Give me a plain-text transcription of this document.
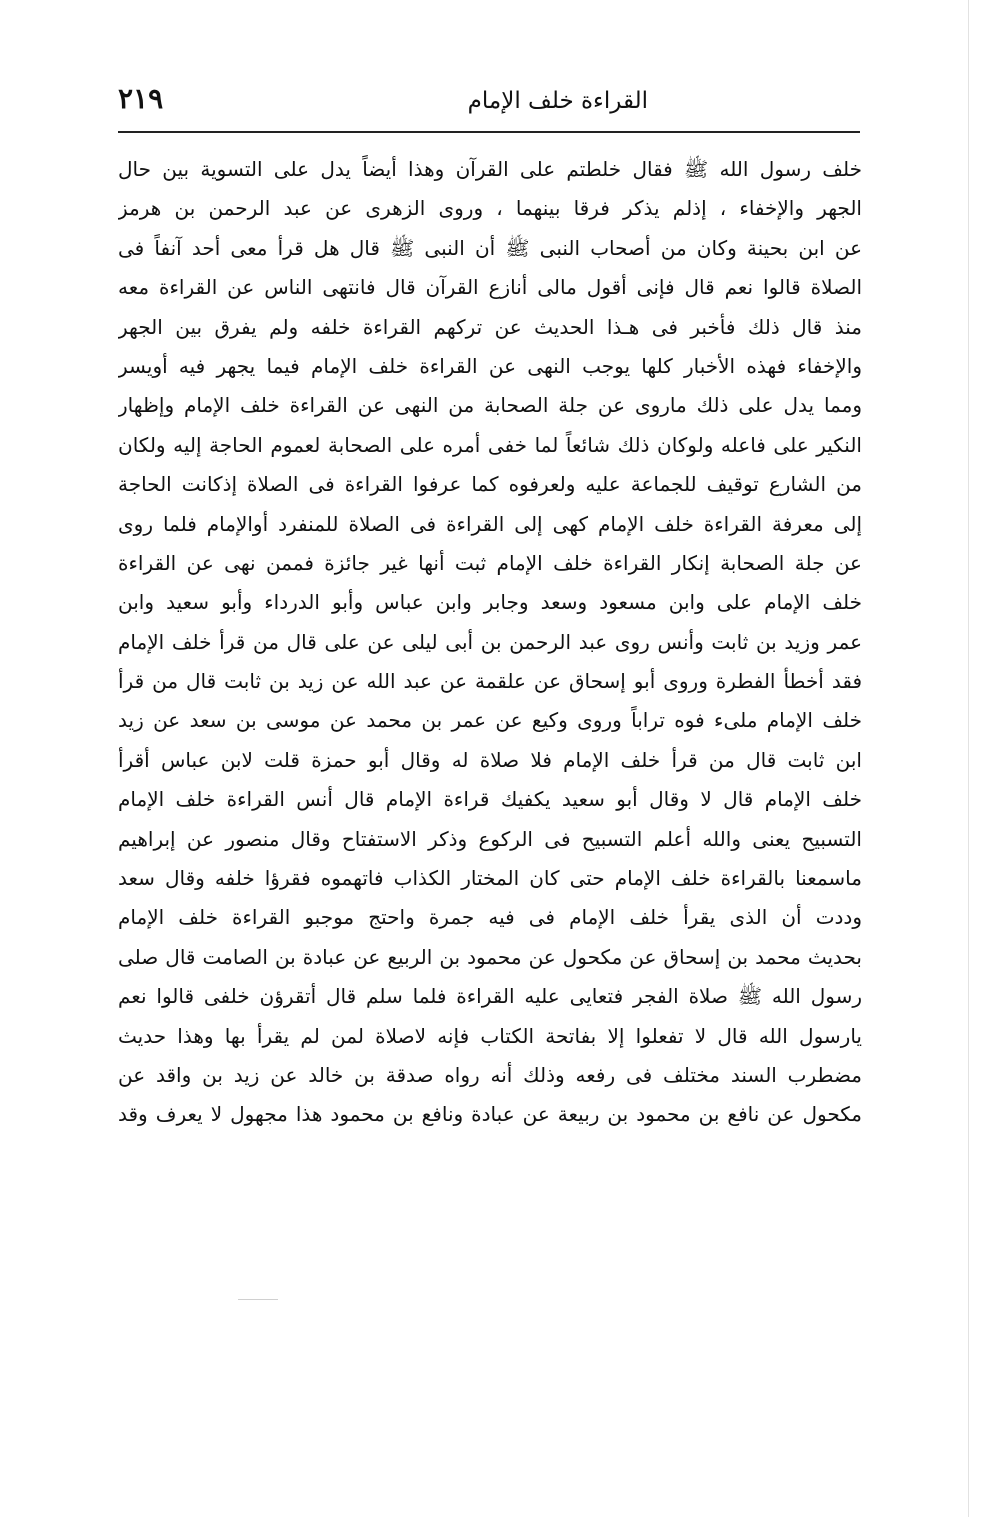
القراءة خلف الإمام
٢١٩
خلف رسول الله ﷺ فقال خلطتم على القرآن وهذا أيضاً يدل على التسوية بين حال
الجهر والإخفاء ، إذلم يذكر فرقا بينهما ، وروى الزهرى عن عبد الرحمن بن هرمز
عن ابن بحينة وكان من أصحاب النبى ﷺ أن النبى ﷺ قال هل قرأ معى أحد آنفاً فى
الصلاة قالوا نعم قال فإنى أقول مالى أنازع القرآن قال فانتهى الناس عن القراءة معه
منذ قال ذلك فأخبر فى هـذا الحديث عن تركهم القراءة خلفه ولم يفرق بين الجهر
والإخفاء فهذه الأخبار كلها يوجب النهى عن القراءة خلف الإمام فيما يجهر فيه أويسر
ومما يدل على ذلك ماروى عن جلة الصحابة من النهى عن القراءة خلف الإمام وإظهار
النكير على فاعله ولوكان ذلك شائعاً لما خفى أمره على الصحابة لعموم الحاجة إليه ولكان
من الشارع توقيف للجماعة عليه ولعرفوه كما عرفوا القراءة فى الصلاة إذكانت الحاجة
إلى معرفة القراءة خلف الإمام كهى إلى القراءة فى الصلاة للمنفرد أوالإمام فلما روى
عن جلة الصحابة إنكار القراءة خلف الإمام ثبت أنها غير جائزة فممن نهى عن القراءة
خلف الإمام على وابن مسعود وسعد وجابر وابن عباس وأبو الدرداء وأبو سعيد وابن
عمر وزيد بن ثابت وأنس روى عبد الرحمن بن أبى ليلى عن على قال من قرأ خلف الإمام
فقد أخطأ الفطرة وروى أبو إسحاق عن علقمة عن عبد الله عن زيد بن ثابت قال من قرأ
خلف الإمام ملىء فوه تراباً وروى وكيع عن عمر بن محمد عن موسى بن سعد عن زيد
ابن ثابت قال من قرأ خلف الإمام فلا صلاة له وقال أبو حمزة قلت لابن عباس أقرأ
خلف الإمام قال لا وقال أبو سعيد يكفيك قراءة الإمام قال أنس القراءة خلف الإمام
التسبيح يعنى والله أعلم التسبيح فى الركوع وذكر الاستفتاح وقال منصور عن إبراهيم
ماسمعنا بالقراءة خلف الإمام حتى كان المختار الكذاب فاتهموه فقرؤا خلفه وقال سعد
وددت أن الذى يقرأ خلف الإمام فى فيه جمرة واحتج موجبو القراءة خلف الإمام
بحديث محمد بن إسحاق عن مكحول عن محمود بن الربيع عن عبادة بن الصامت قال صلى
رسول الله ﷺ صلاة الفجر فتعايى عليه القراءة فلما سلم قال أتقرؤن خلفى قالوا نعم
يارسول الله قال لا تفعلوا إلا بفاتحة الكتاب فإنه لاصلاة لمن لم يقرأ بها وهذا حديث
مضطرب السند مختلف فى رفعه وذلك أنه رواه صدقة بن خالد عن زيد بن واقد عن
مكحول عن نافع بن محمود بن ربيعة عن عبادة ونافع بن محمود هذا مجهول لا يعرف وقد
